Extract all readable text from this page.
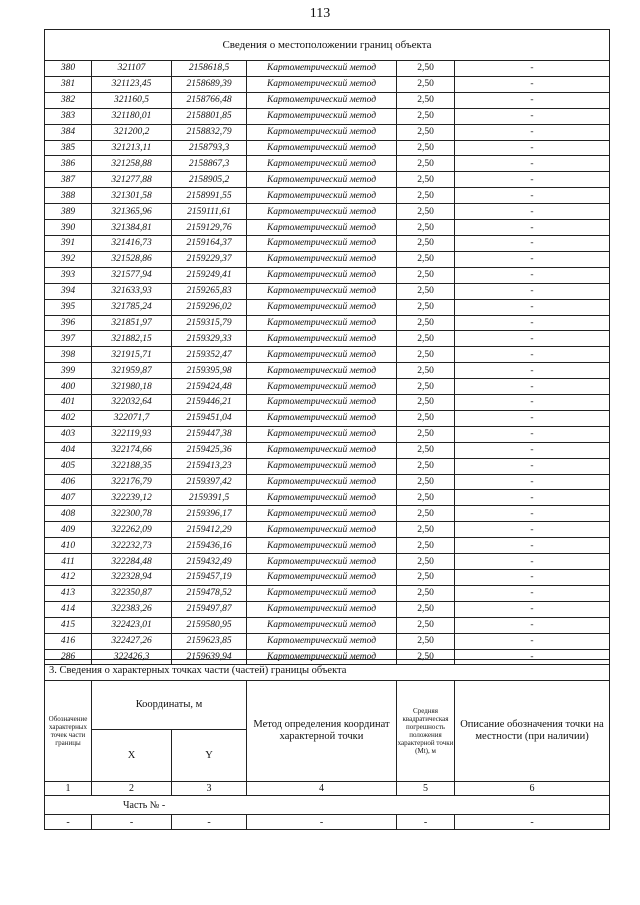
113
Сведения о местоположении границ объекта					
380	321107	2158618,5	Картометрический метод	2,50	-
381	321123,45	2158689,39	Картометрический метод	2,50	-
382	321160,5	2158766,48	Картометрический метод	2,50	-
383	321180,01	2158801,85	Картометрический метод	2,50	-
384	321200,2	2158832,79	Картометрический метод	2,50	-
385	321213,11	2158793,3	Картометрический метод	2,50	-
386	321258,88	2158867,3	Картометрический метод	2,50	-
387	321277,88	2158905,2	Картометрический метод	2,50	-
388	321301,58	2158991,55	Картометрический метод	2,50	-
389	321365,96	2159111,61	Картометрический метод	2,50	-
390	321384,81	2159129,76	Картометрический метод	2,50	-
391	321416,73	2159164,37	Картометрический метод	2,50	-
392	321528,86	2159229,37	Картометрический метод	2,50	-
393	321577,94	2159249,41	Картометрический метод	2,50	-
394	321633,93	2159265,83	Картометрический метод	2,50	-
395	321785,24	2159296,02	Картометрический метод	2,50	-
396	321851,97	2159315,79	Картометрический метод	2,50	-
397	321882,15	2159329,33	Картометрический метод	2,50	-
398	321915,71	2159352,47	Картометрический метод	2,50	-
399	321959,87	2159395,98	Картометрический метод	2,50	-
400	321980,18	2159424,48	Картометрический метод	2,50	-
401	322032,64	2159446,21	Картометрический метод	2,50	-
402	322071,7	2159451,04	Картометрический метод	2,50	-
403	322119,93	2159447,38	Картометрический метод	2,50	-
404	322174,66	2159425,36	Картометрический метод	2,50	-
405	322188,35	2159413,23	Картометрический метод	2,50	-
406	322176,79	2159397,42	Картометрический метод	2,50	-
407	322239,12	2159391,5	Картометрический метод	2,50	-
408	322300,78	2159396,17	Картометрический метод	2,50	-
409	322262,09	2159412,29	Картометрический метод	2,50	-
410	322232,73	2159436,16	Картометрический метод	2,50	-
411	322284,48	2159432,49	Картометрический метод	2,50	-
412	322328,94	2159457,19	Картометрический метод	2,50	-
413	322350,87	2159478,52	Картометрический метод	2,50	-
414	322383,26	2159497,87	Картометрический метод	2,50	-
415	322423,01	2159580,95	Картометрический метод	2,50	-
416	322427,26	2159623,85	Картометрический метод	2,50	-
286	322426,3	2159639,94	Картометрический метод	2,50	-
3. Сведения о характерных точках части (частей) границы объекта					
Обозначение характерных точек части границы	Координаты, м		Метод определения координат характерной точки	Средняя квадратическая погрешность положения характерной точки (Мt), м	Описание обозначения точки на местности (при наличии)
	X	Y			
1	2	3	4	5	6
Часть № -					
-	-	-	-	-	-
